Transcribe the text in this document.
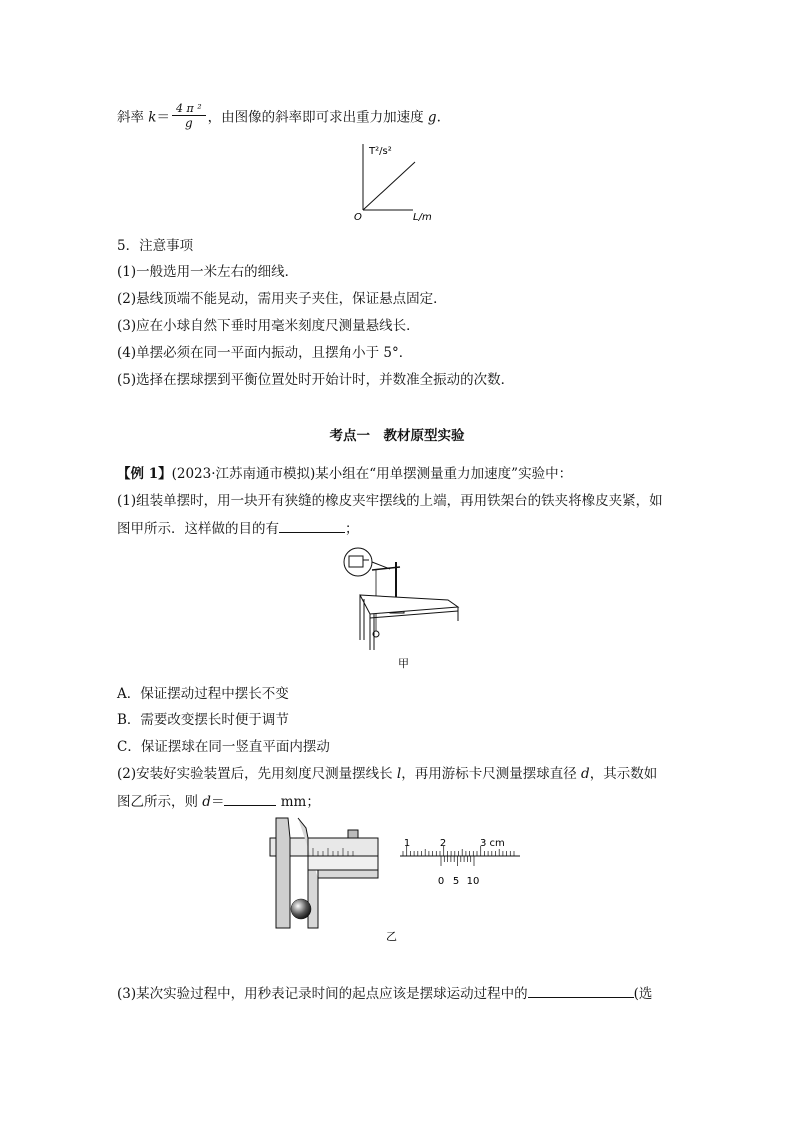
斜率 $k= \frac{\text{4 π ²}}{g}$ ，由图像的斜率即可求出重力加速度 g.
T²/s²
L/m
O
5．注意事项
(1)一般选用一米左右的细线．
(2)悬线顶端不能晃动，需用夹子夹住，保证悬点固定．
(3)应在小球自然下垂时用毫米刻度尺测量悬线长．
(4)单摆必须在同一平面内振动，且摆角小于 5°．
(5)选择在摆球摆到平衡位置处时开始计时，并数准全振动的次数．
考点一　教材原型实验
【例 1】(2023·江苏南通市模拟)某小组在“用单摆测量重力加速度”实验中：
(1)组装单摆时，用一块开有狭缝的橡皮夹牢摆线的上端，再用铁架台的铁夹将橡皮夹紧，如
图甲所示．这样做的目的有	；
甲
A．保证摆动过程中摆长不变
B．需要改变摆长时便于调节
C．保证摆球在同一竖直平面内摆动
(2)安装好实验装置后，先用刻度尺测量摆线长 l，再用游标卡尺测量摆球直径 d，其示数如
图乙所示，则 d＝	mm；
乙
1	2	3 cm
0 5 10
(3)某次实验过程中，用秒表记录时间的起点应该是摆球运动过程中的	(选
